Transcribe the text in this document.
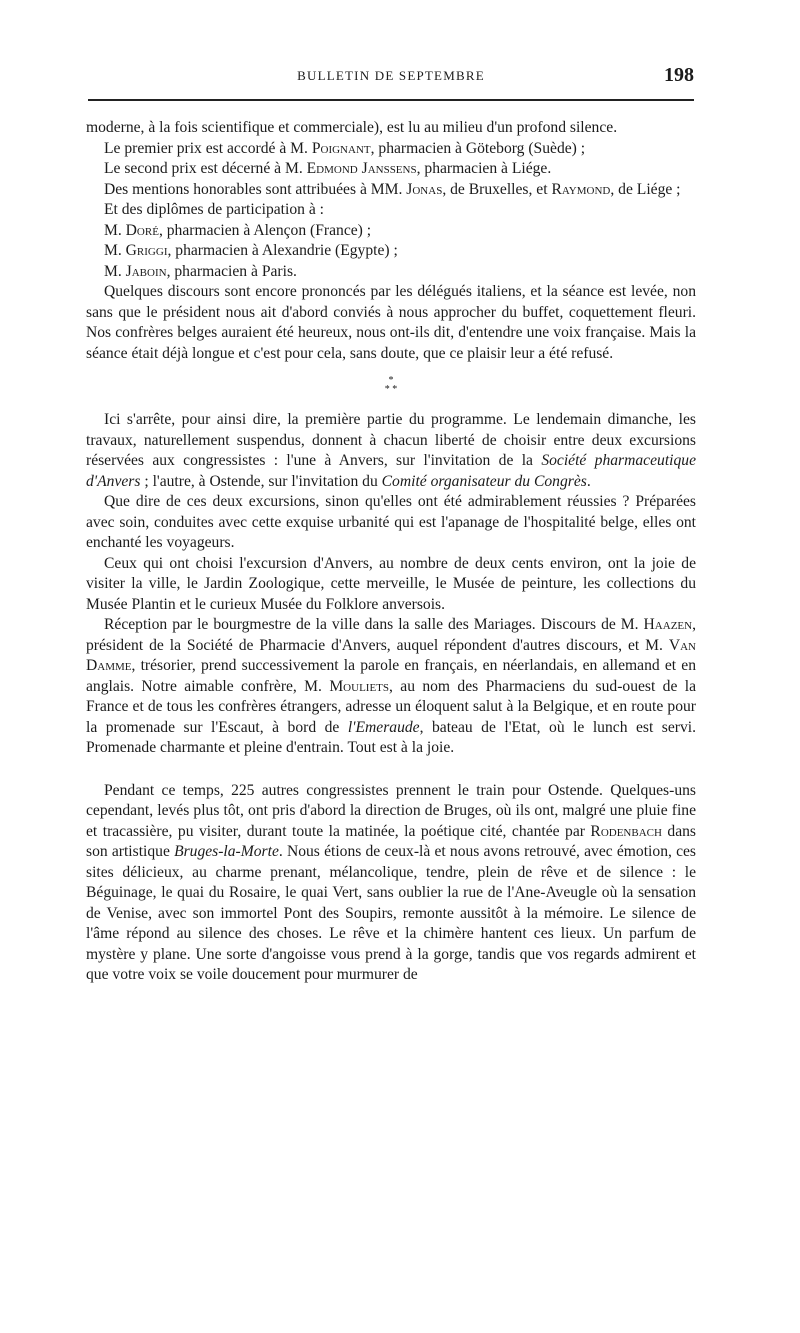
BULLETIN DE SEPTEMBRE	198

moderne, à la fois scientifique et commerciale), est lu au milieu d'un profond silence.

Le premier prix est accordé à M. Poignant, pharmacien à Göteborg (Suède) ;

Le second prix est décerné à M. Edmond Janssens, pharmacien à Liége.

Des mentions honorables sont attribuées à MM. Jonas, de Bruxelles, et Raymond, de Liége ;

Et des diplômes de participation à :

M. Doré, pharmacien à Alençon (France) ;

M. Griggi, pharmacien à Alexandrie (Egypte) ;

M. Jaboin, pharmacien à Paris.

Quelques discours sont encore prononcés par les délégués italiens, et la séance est levée, non sans que le président nous ait d'abord conviés à nous approcher du buffet, coquettement fleuri. Nos confrères belges auraient été heureux, nous ont-ils dit, d'entendre une voix française. Mais la séance était déjà longue et c'est pour cela, sans doute, que ce plaisir leur a été refusé.

*
* *

Ici s'arrête, pour ainsi dire, la première partie du programme. Le lendemain dimanche, les travaux, naturellement suspendus, donnent à chacun liberté de choisir entre deux excursions réservées aux congressistes : l'une à Anvers, sur l'invitation de la Société pharmaceutique d'Anvers ; l'autre, à Ostende, sur l'invitation du Comité organisateur du Congrès.

Que dire de ces deux excursions, sinon qu'elles ont été admirablement réussies ? Préparées avec soin, conduites avec cette exquise urbanité qui est l'apanage de l'hospitalité belge, elles ont enchanté les voyageurs.

Ceux qui ont choisi l'excursion d'Anvers, au nombre de deux cents environ, ont la joie de visiter la ville, le Jardin Zoologique, cette merveille, le Musée de peinture, les collections du Musée Plantin et le curieux Musée du Folklore anversois.

Réception par le bourgmestre de la ville dans la salle des Mariages. Discours de M. Haazen, président de la Société de Pharmacie d'Anvers, auquel répondent d'autres discours, et M. Van Damme, trésorier, prend successivement la parole en français, en néerlandais, en allemand et en anglais. Notre aimable confrère, M. Mouliets, au nom des Pharmaciens du sud-ouest de la France et de tous les confrères étrangers, adresse un éloquent salut à la Belgique, et en route pour la promenade sur l'Escaut, à bord de l'Emeraude, bateau de l'Etat, où le lunch est servi. Promenade charmante et pleine d'entrain. Tout est à la joie.

Pendant ce temps, 225 autres congressistes prennent le train pour Ostende. Quelques-uns cependant, levés plus tôt, ont pris d'abord la direction de Bruges, où ils ont, malgré une pluie fine et tracassière, pu visiter, durant toute la matinée, la poétique cité, chantée par Rodenbach dans son artistique Bruges-la-Morte. Nous étions de ceux-là et nous avons retrouvé, avec émotion, ces sites délicieux, au charme prenant, mélancolique, tendre, plein de rêve et de silence : le Béguinage, le quai du Rosaire, le quai Vert, sans oublier la rue de l'Ane-Aveugle où la sensation de Venise, avec son immortel Pont des Soupirs, remonte aussitôt à la mémoire. Le silence de l'âme répond au silence des choses. Le rêve et la chimère hantent ces lieux. Un parfum de mystère y plane. Une sorte d'angoisse vous prend à la gorge, tandis que vos regards admirent et que votre voix se voile doucement pour murmurer de
